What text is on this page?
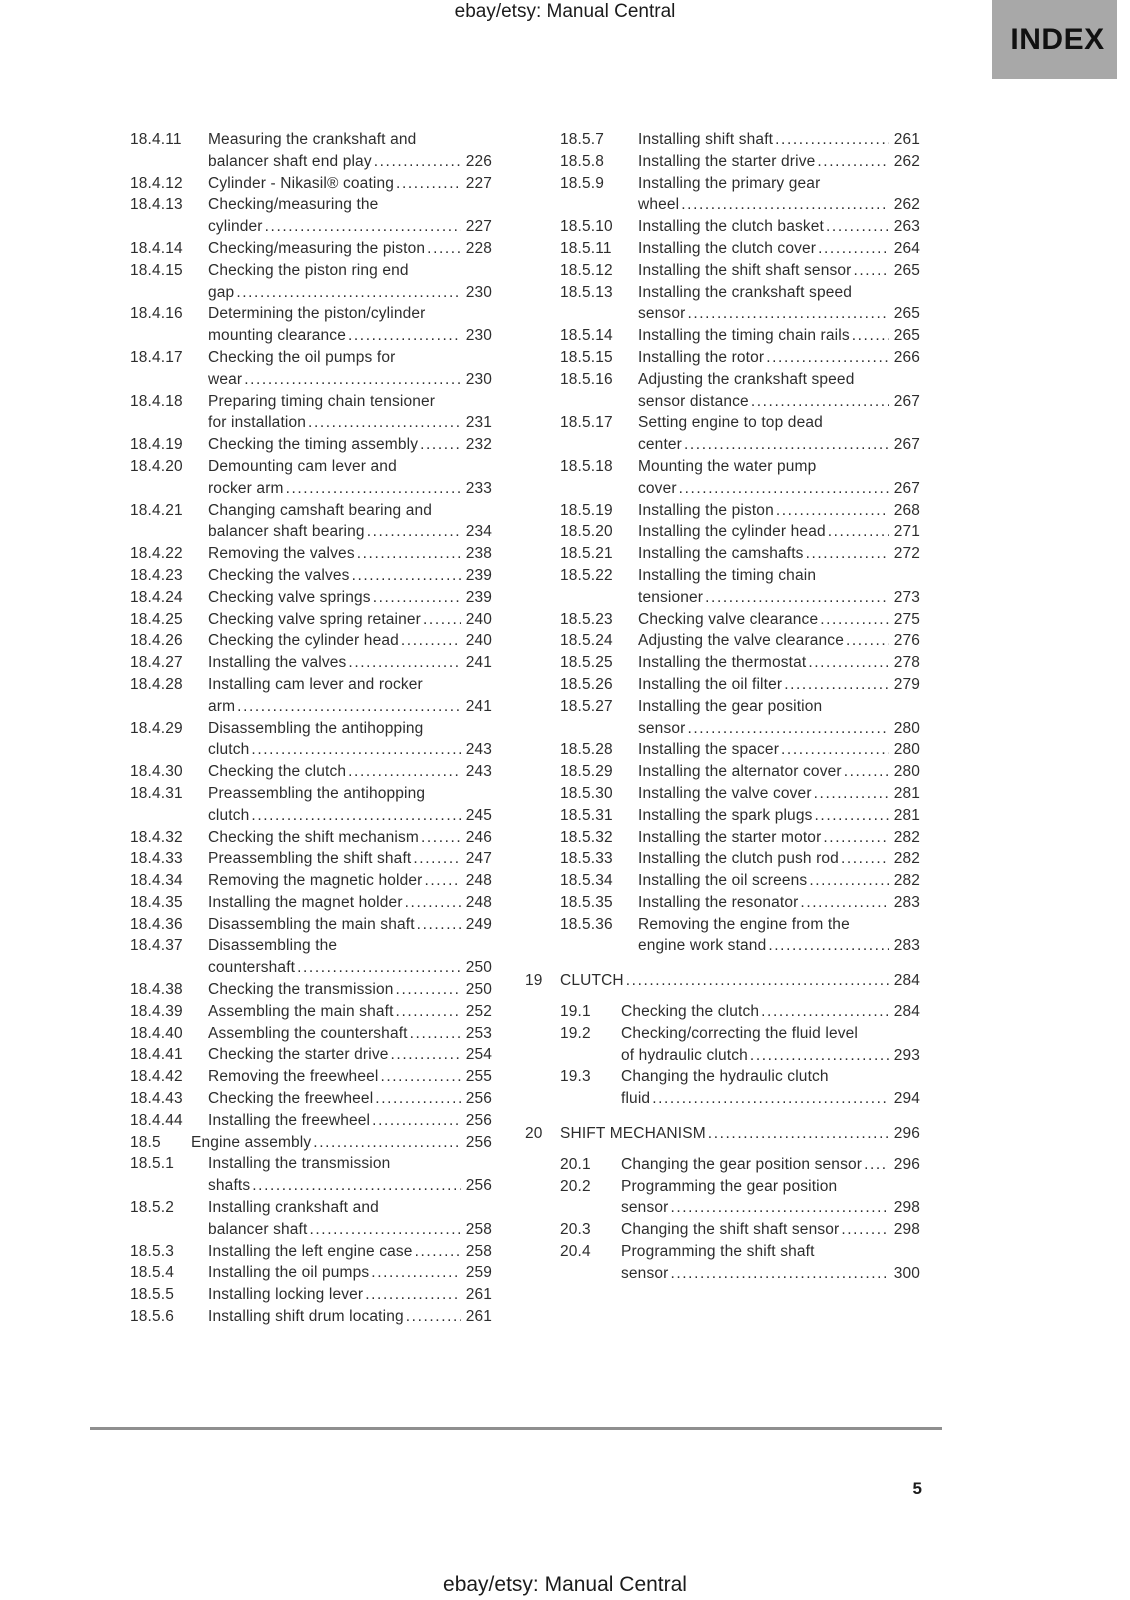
ebay/etsy: Manual Central
INDEX
18.4.11	Measuring the crankshaft and
balancer shaft end play .....	226
18.4.12	Cylinder - Nikasil® coating .....	227
18.4.13	Checking/measuring the
cylinder .....	227
18.4.14	Checking/measuring the piston .....	228
18.4.15	Checking the piston ring end
gap .....	230
18.4.16	Determining the piston/cylinder
mounting clearance .....	230
18.4.17	Checking the oil pumps for
wear .....	230
18.4.18	Preparing timing chain tensioner
for installation .....	231
18.4.19	Checking the timing assembly .....	232
18.4.20	Demounting cam lever and
rocker arm .....	233
18.4.21	Changing camshaft bearing and
balancer shaft bearing .....	234
18.4.22	Removing the valves .....	238
18.4.23	Checking the valves .....	239
18.4.24	Checking valve springs .....	239
18.4.25	Checking valve spring retainer .....	240
18.4.26	Checking the cylinder head .....	240
18.4.27	Installing the valves .....	241
18.4.28	Installing cam lever and rocker
arm .....	241
18.4.29	Disassembling the antihopping
clutch .....	243
18.4.30	Checking the clutch .....	243
18.4.31	Preassembling the antihopping
clutch .....	245
18.4.32	Checking the shift mechanism .....	246
18.4.33	Preassembling the shift shaft .....	247
18.4.34	Removing the magnetic holder .....	248
18.4.35	Installing the magnet holder .....	248
18.4.36	Disassembling the main shaft .....	249
18.4.37	Disassembling the
countershaft .....	250
18.4.38	Checking the transmission .....	250
18.4.39	Assembling the main shaft .....	252
18.4.40	Assembling the countershaft .....	253
18.4.41	Checking the starter drive .....	254
18.4.42	Removing the freewheel .....	255
18.4.43	Checking the freewheel .....	256
18.4.44	Installing the freewheel .....	256
18.5	Engine assembly .....	256
18.5.1	Installing the transmission
shafts .....	256
18.5.2	Installing crankshaft and
balancer shaft .....	258
18.5.3	Installing the left engine case .....	258
18.5.4	Installing the oil pumps .....	259
18.5.5	Installing locking lever .....	261
18.5.6	Installing shift drum locating .....	261
18.5.7	Installing shift shaft .....	261
18.5.8	Installing the starter drive .....	262
18.5.9	Installing the primary gear
wheel .....	262
18.5.10	Installing the clutch basket .....	263
18.5.11	Installing the clutch cover .....	264
18.5.12	Installing the shift shaft sensor .....	265
18.5.13	Installing the crankshaft speed
sensor .....	265
18.5.14	Installing the timing chain rails .....	265
18.5.15	Installing the rotor .....	266
18.5.16	Adjusting the crankshaft speed
sensor distance .....	267
18.5.17	Setting engine to top dead
center .....	267
18.5.18	Mounting the water pump
cover .....	267
18.5.19	Installing the piston .....	268
18.5.20	Installing the cylinder head .....	271
18.5.21	Installing the camshafts .....	272
18.5.22	Installing the timing chain
tensioner .....	273
18.5.23	Checking valve clearance .....	275
18.5.24	Adjusting the valve clearance .....	276
18.5.25	Installing the thermostat .....	278
18.5.26	Installing the oil filter .....	279
18.5.27	Installing the gear position
sensor .....	280
18.5.28	Installing the spacer .....	280
18.5.29	Installing the alternator cover .....	280
18.5.30	Installing the valve cover .....	281
18.5.31	Installing the spark plugs .....	281
18.5.32	Installing the starter motor .....	282
18.5.33	Installing the clutch push rod .....	282
18.5.34	Installing the oil screens .....	282
18.5.35	Installing the resonator .....	283
18.5.36	Removing the engine from the
engine work stand .....	283
19	CLUTCH .....	284
19.1	Checking the clutch .....	284
19.2	Checking/correcting the fluid level
of hydraulic clutch .....	293
19.3	Changing the hydraulic clutch
fluid .....	294
20	SHIFT MECHANISM .....	296
20.1	Changing the gear position sensor ..... 296
20.2	Programming the gear position
sensor .....	298
20.3	Changing the shift shaft sensor .....	298
20.4	Programming the shift shaft
sensor .....	300
5
ebay/etsy: Manual Central
